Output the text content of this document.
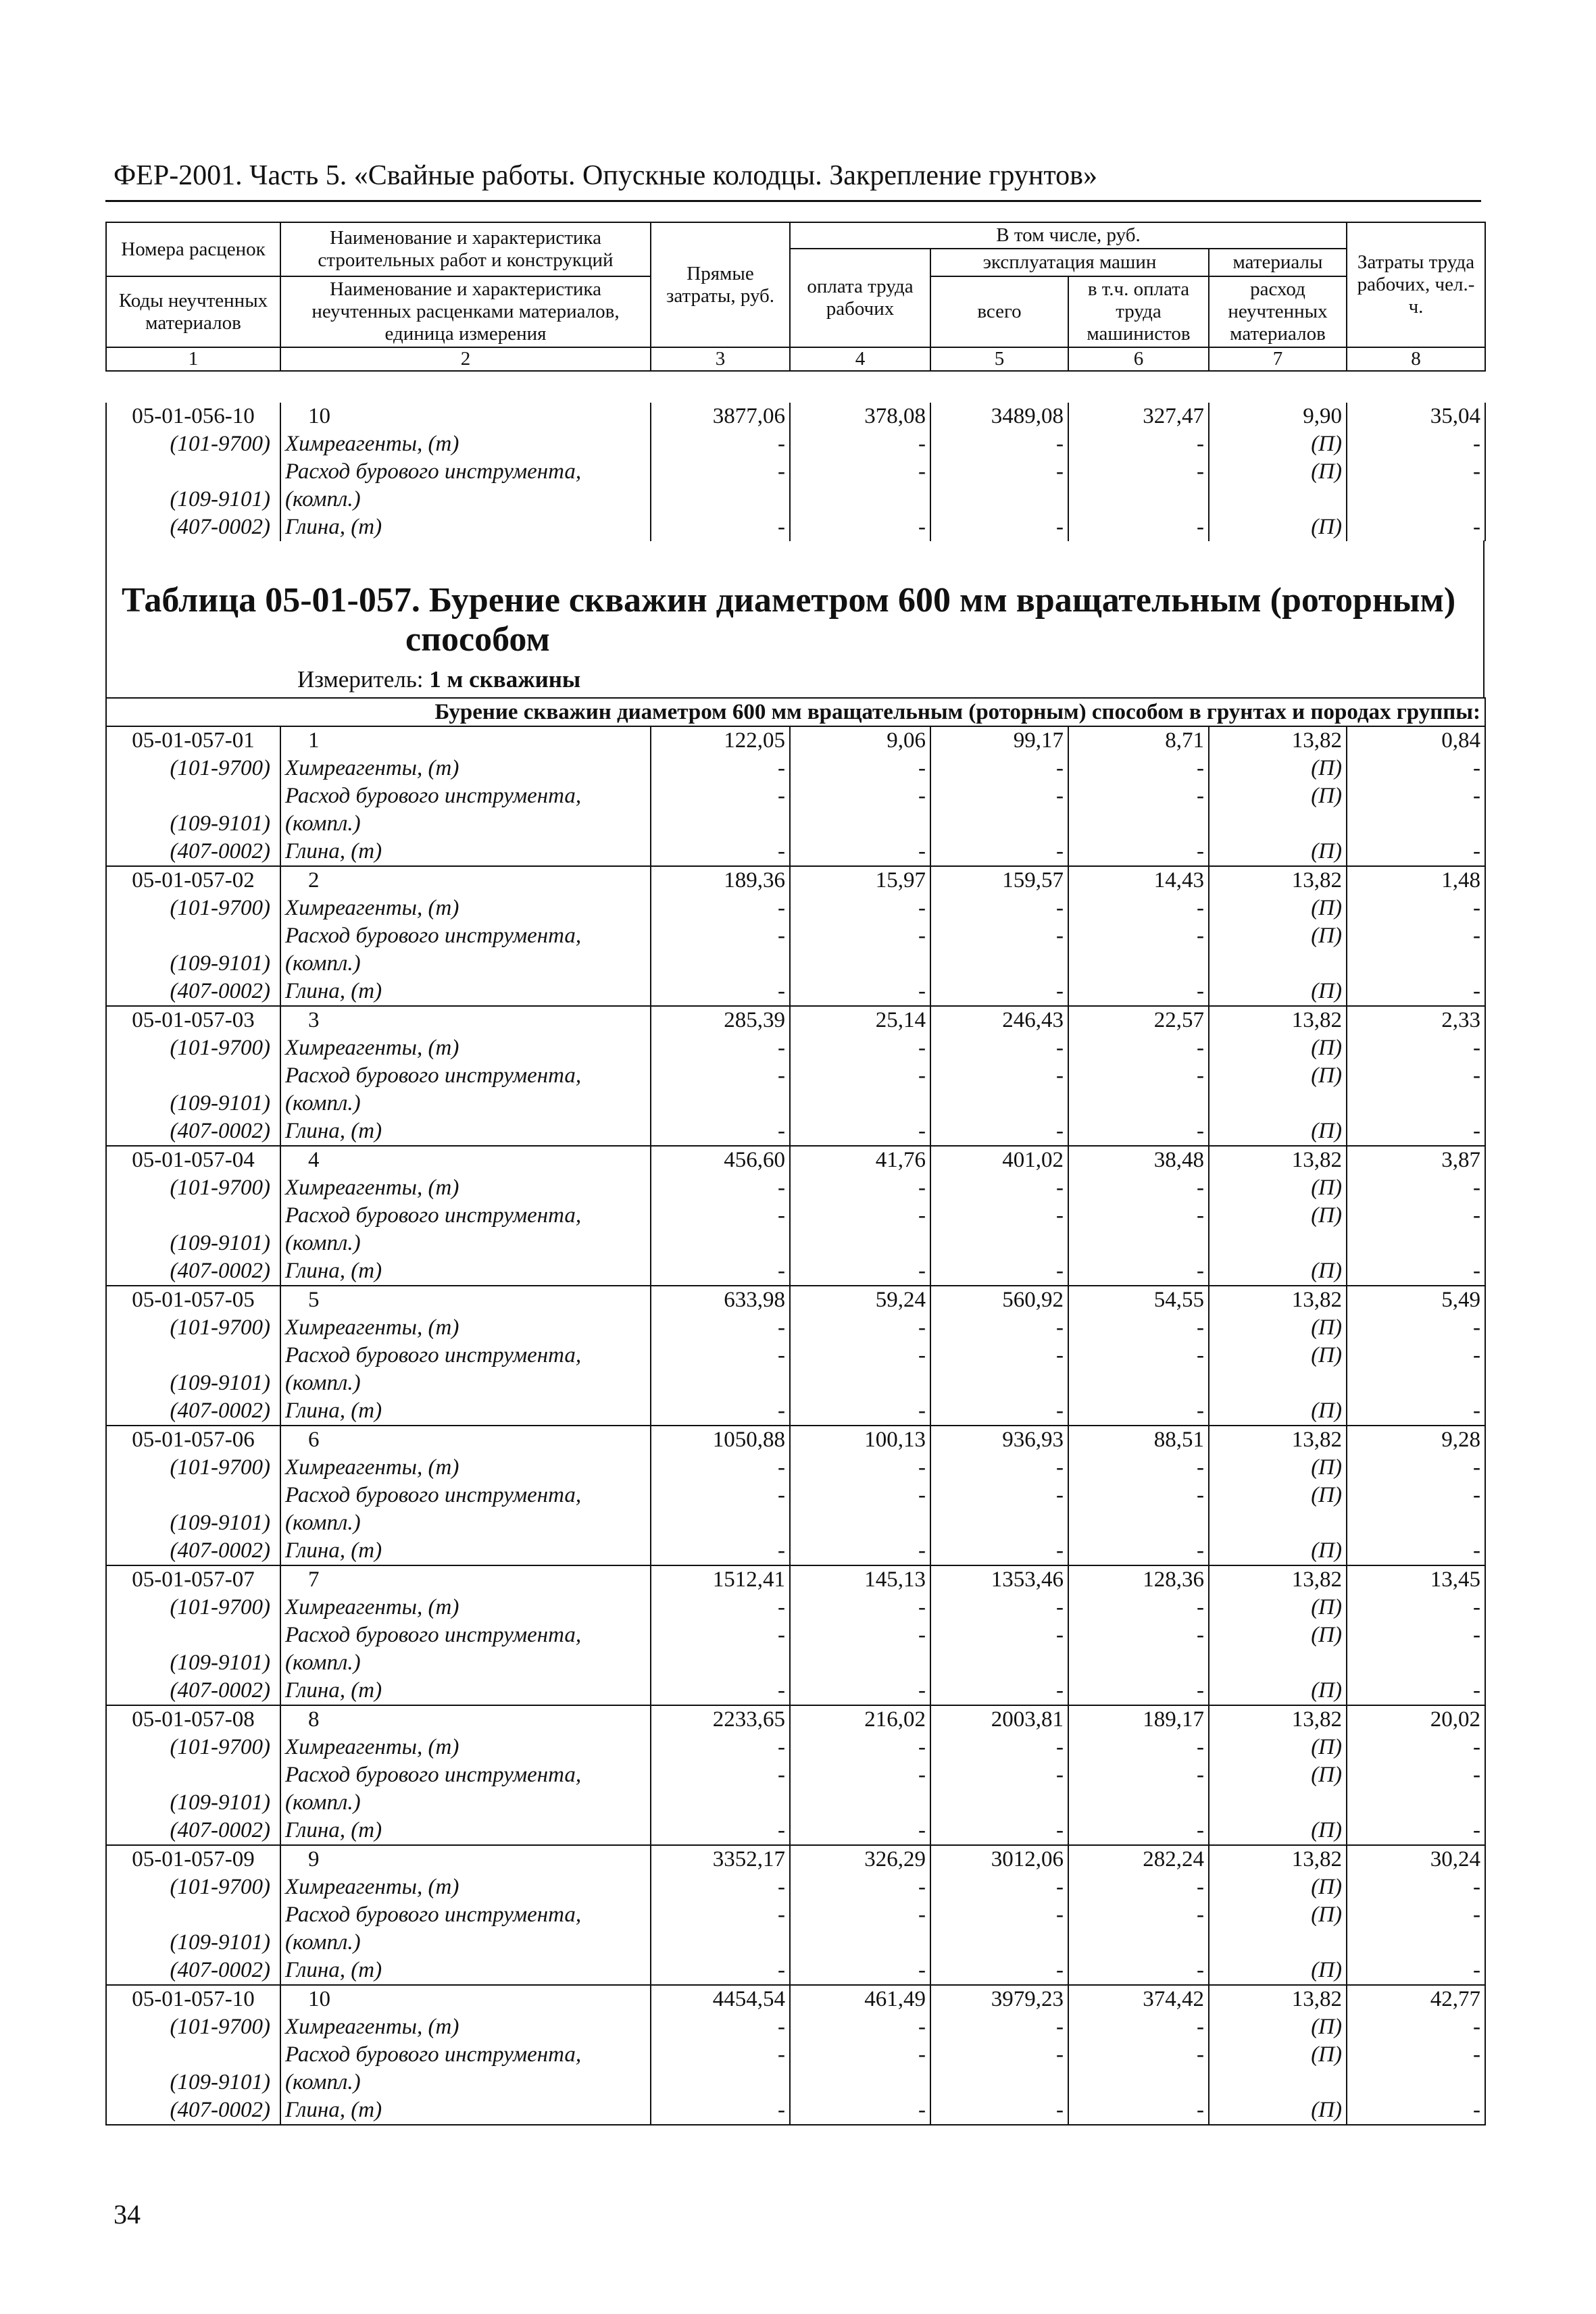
ФЕР-2001. Часть 5. «Свайные работы. Опускные колодцы. Закрепление грунтов»
Номера расценок	Наименование и характеристика строительных работ и конструкций	Прямые затраты, руб.	В том числе, руб.				Затраты труда рабочих, чел.-ч.
			оплата труда рабочих	эксплуатация машин		материалы	
Коды неучтенных материалов	Наименование и характеристика неучтенных расценками материалов, единица измерения			всего	в т.ч. оплата труда машинистов	расход неучтенных материалов	

1	2	3	4	5	6	7	8
05-01-056-10	10	3877,06	378,08	3489,08	327,47	9,90	35,04
(101-9700)	Химреагенты, (т)	-	-	-	-	(П)	-
	Расход бурового инструмента,	-	-	-	-	(П)	-
(109-9101)	(компл.)						
(407-0002)	Глина, (т)	-	-	-	-	(П)	-
Таблица 05-01-057. Бурение скважин диаметром 600 мм вращательным (роторным)
способом
Измеритель: 1 м скважины
Бурение скважин диаметром 600 мм вращательным (роторным) способом в грунтах и породах группы:
05-01-057-01	1	122,05	9,06	99,17	8,71	13,82	0,84
(101-9700)	Химреагенты, (т)	-	-	-	-	(П)	-
	Расход бурового инструмента,	-	-	-	-	(П)	-
(109-9101)	(компл.)						
(407-0002)	Глина, (т)	-	-	-	-	(П)	-
05-01-057-02	2	189,36	15,97	159,57	14,43	13,82	1,48
(101-9700)	Химреагенты, (т)	-	-	-	-	(П)	-
	Расход бурового инструмента,	-	-	-	-	(П)	-
(109-9101)	(компл.)						
(407-0002)	Глина, (т)	-	-	-	-	(П)	-
05-01-057-03	3	285,39	25,14	246,43	22,57	13,82	2,33
(101-9700)	Химреагенты, (т)	-	-	-	-	(П)	-
	Расход бурового инструмента,	-	-	-	-	(П)	-
(109-9101)	(компл.)						
(407-0002)	Глина, (т)	-	-	-	-	(П)	-
05-01-057-04	4	456,60	41,76	401,02	38,48	13,82	3,87
(101-9700)	Химреагенты, (т)	-	-	-	-	(П)	-
	Расход бурового инструмента,	-	-	-	-	(П)	-
(109-9101)	(компл.)						
(407-0002)	Глина, (т)	-	-	-	-	(П)	-
05-01-057-05	5	633,98	59,24	560,92	54,55	13,82	5,49
(101-9700)	Химреагенты, (т)	-	-	-	-	(П)	-
	Расход бурового инструмента,	-	-	-	-	(П)	-
(109-9101)	(компл.)						
(407-0002)	Глина, (т)	-	-	-	-	(П)	-
05-01-057-06	6	1050,88	100,13	936,93	88,51	13,82	9,28
(101-9700)	Химреагенты, (т)	-	-	-	-	(П)	-
	Расход бурового инструмента,	-	-	-	-	(П)	-
(109-9101)	(компл.)						
(407-0002)	Глина, (т)	-	-	-	-	(П)	-
05-01-057-07	7	1512,41	145,13	1353,46	128,36	13,82	13,45
(101-9700)	Химреагенты, (т)	-	-	-	-	(П)	-
	Расход бурового инструмента,	-	-	-	-	(П)	-
(109-9101)	(компл.)						
(407-0002)	Глина, (т)	-	-	-	-	(П)	-
05-01-057-08	8	2233,65	216,02	2003,81	189,17	13,82	20,02
(101-9700)	Химреагенты, (т)	-	-	-	-	(П)	-
	Расход бурового инструмента,	-	-	-	-	(П)	-
(109-9101)	(компл.)						
(407-0002)	Глина, (т)	-	-	-	-	(П)	-
05-01-057-09	9	3352,17	326,29	3012,06	282,24	13,82	30,24
(101-9700)	Химреагенты, (т)	-	-	-	-	(П)	-
	Расход бурового инструмента,	-	-	-	-	(П)	-
(109-9101)	(компл.)						
(407-0002)	Глина, (т)	-	-	-	-	(П)	-
05-01-057-10	10	4454,54	461,49	3979,23	374,42	13,82	42,77
(101-9700)	Химреагенты, (т)	-	-	-	-	(П)	-
	Расход бурового инструмента,	-	-	-	-	(П)	-
(109-9101)	(компл.)						
(407-0002)	Глина, (т)	-	-	-	-	(П)	-
34
